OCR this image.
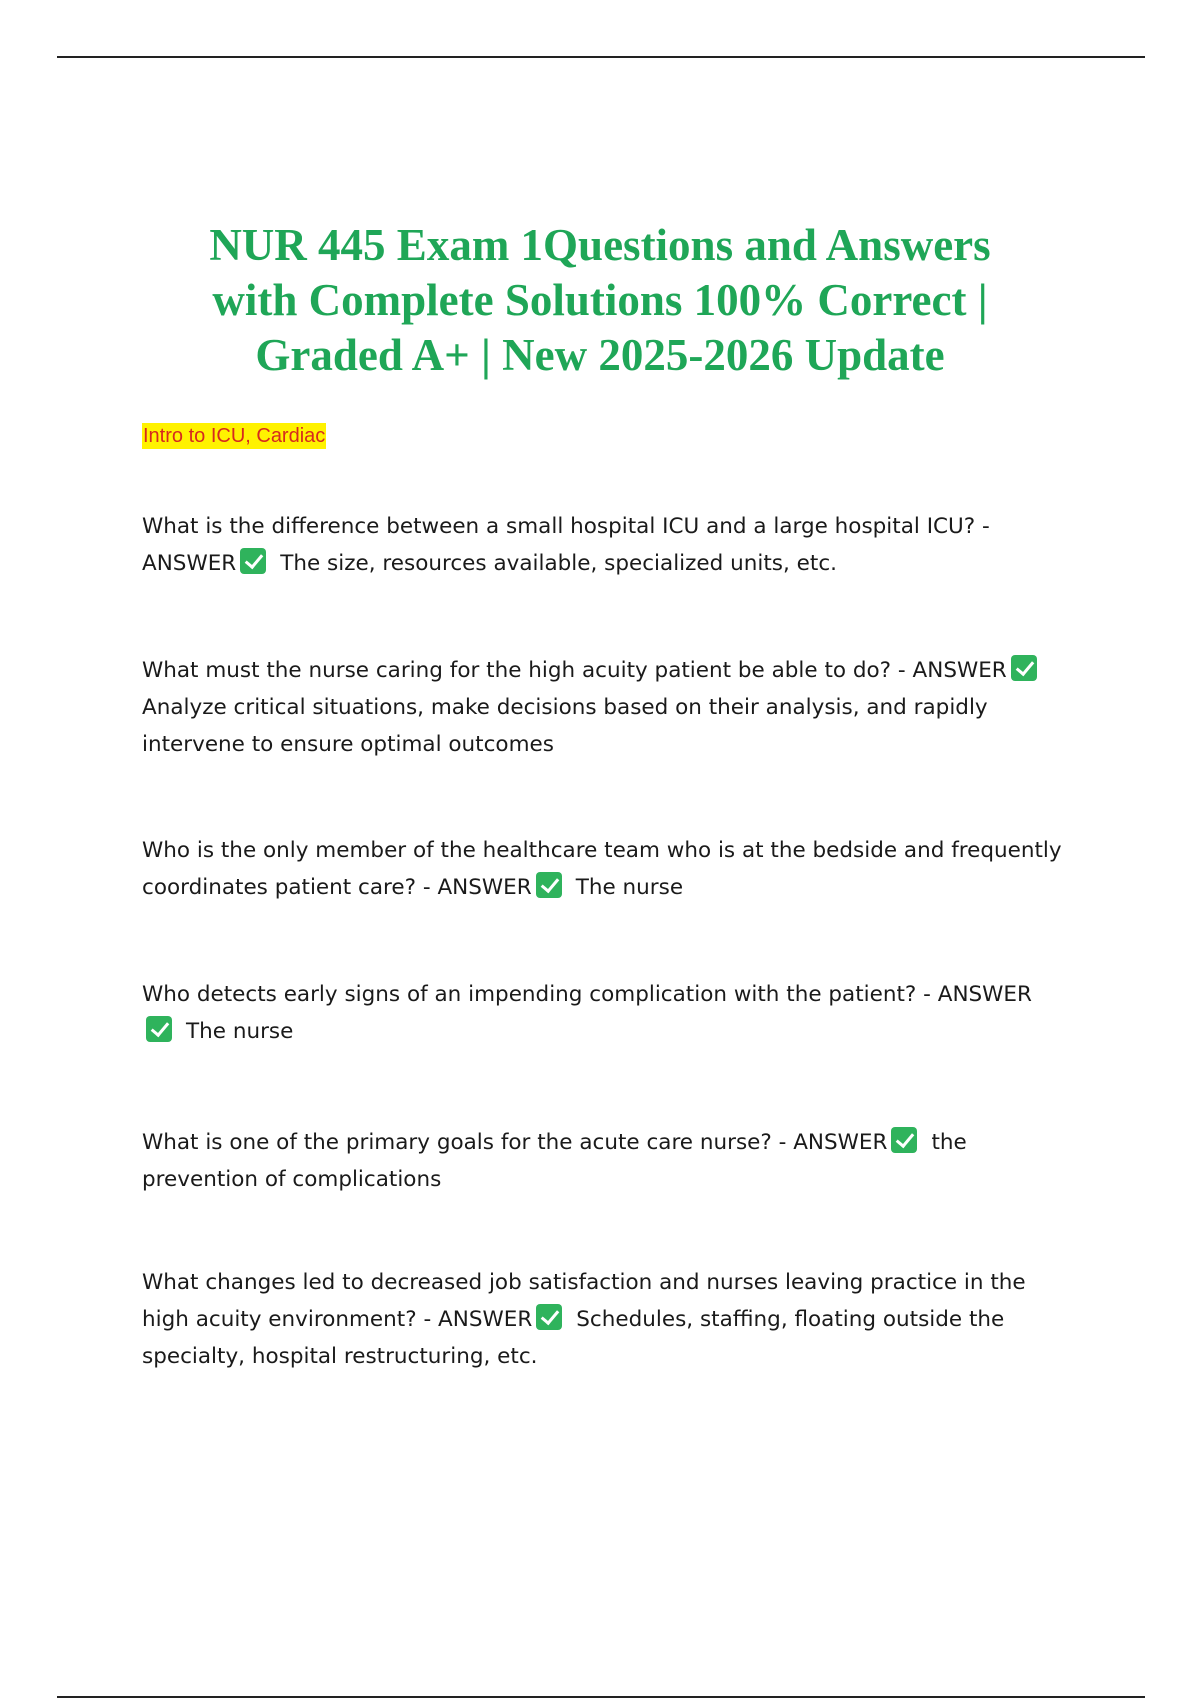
NUR 445 Exam 1Questions and Answers
with Complete Solutions 100% Correct |
Graded A+ | New 2025-2026 Update
Intro to ICU, Cardiac

What is the difference between a small hospital ICU and a large hospital ICU? - ANSWER The size, resources available, specialized units, etc.

What must the nurse caring for the high acuity patient be able to do? - ANSWERAnalyze critical situations, make decisions based on their analysis, and rapidly intervene to ensure optimal outcomes

Who is the only member of the healthcare team who is at the bedside and frequently coordinates patient care? - ANSWER The nurse

Who detects early signs of an impending complication with the patient? - ANSWERThe nurse

What is one of the primary goals for the acute care nurse? - ANSWER the prevention of complications

What changes led to decreased job satisfaction and nurses leaving practice in the high acuity environment? - ANSWER Schedules, staffing, floating outside the specialty, hospital restructuring, etc.
